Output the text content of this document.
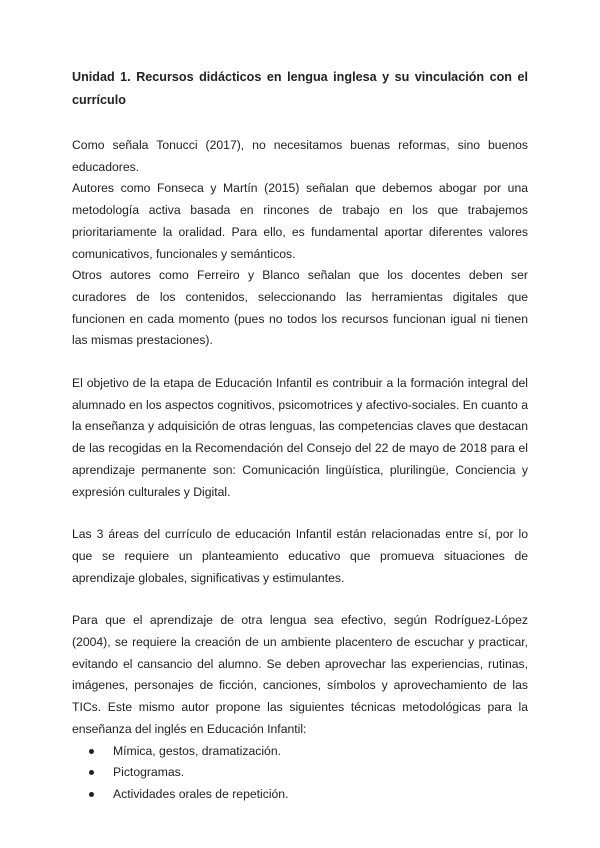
Unidad 1. Recursos didácticos en lengua inglesa y su vinculación con el currículo

Como señala Tonucci (2017), no necesitamos buenas reformas, sino buenos educadores.

Autores como Fonseca y Martín (2015) señalan que debemos abogar por una metodología activa basada en rincones de trabajo en los que trabajemos prioritariamente la oralidad. Para ello, es fundamental aportar diferentes valores comunicativos, funcionales y semánticos.

Otros autores como Ferreiro y Blanco señalan que los docentes deben ser curadores de los contenidos, seleccionando las herramientas digitales que funcionen en cada momento (pues no todos los recursos funcionan igual ni tienen las mismas prestaciones).

El objetivo de la etapa de Educación Infantil es contribuir a la formación integral del alumnado en los aspectos cognitivos, psicomotrices y afectivo-sociales. En cuanto a la enseñanza y adquisición de otras lenguas, las competencias claves que destacan de las recogidas en la Recomendación del Consejo del 22 de mayo de 2018 para el aprendizaje permanente son: Comunicación lingüística, plurilingüe, Conciencia y expresión culturales y Digital.

Las 3 áreas del currículo de educación Infantil están relacionadas entre sí, por lo que se requiere un planteamiento educativo que promueva situaciones de aprendizaje globales, significativas y estimulantes.

Para que el aprendizaje de otra lengua sea efectivo, según Rodríguez-López (2004), se requiere la creación de un ambiente placentero de escuchar y practicar, evitando el cansancio del alumno. Se deben aprovechar las experiencias, rutinas, imágenes, personajes de ficción, canciones, símbolos y aprovechamiento de las TICs. Este mismo autor propone las siguientes técnicas metodológicas para la enseñanza del inglés en Educación Infantil:

Mímica, gestos, dramatización.
Pictogramas.
Actividades orales de repetición.
